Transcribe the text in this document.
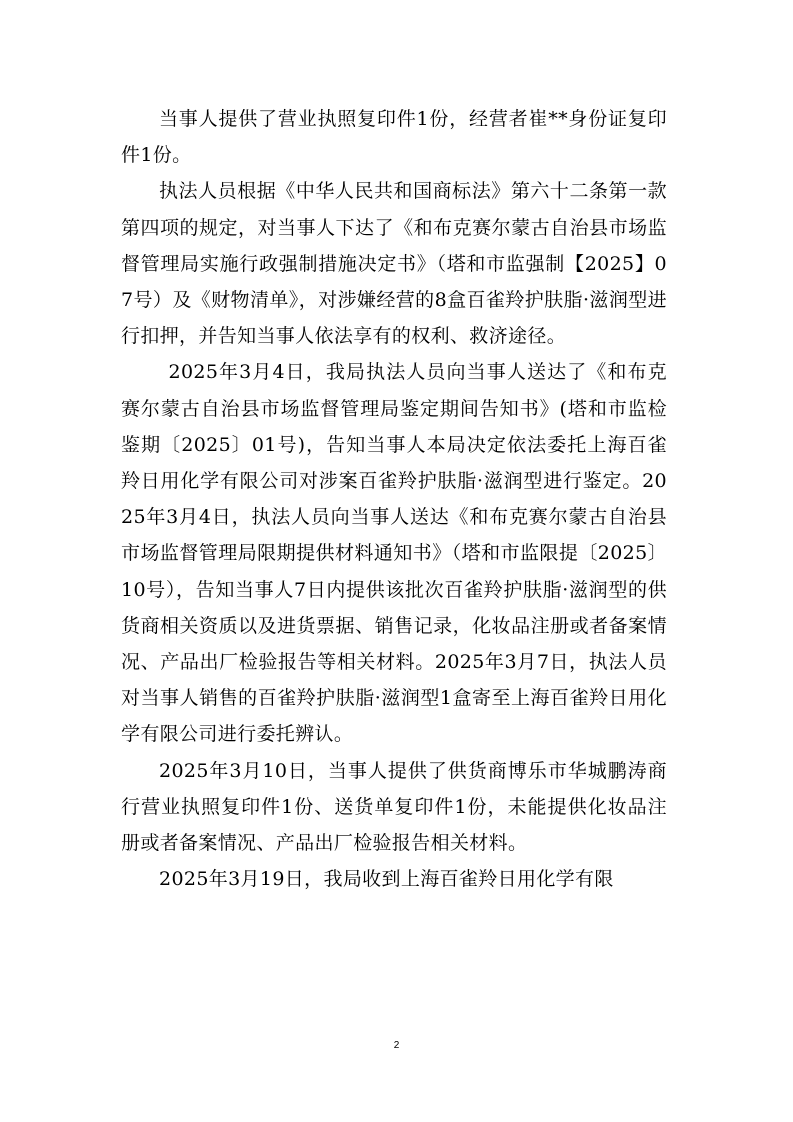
当事人提供了营业执照复印件1份，经营者崔**身份证复印件1份。

执法人员根据《中华人民共和国商标法》第六十二条第一款第四项的规定，对当事人下达了《和布克赛尔蒙古自治县市场监督管理局实施行政强制措施决定书》（塔和市监强制【2025】07号）及《财物清单》，对涉嫌经营的8盒百雀羚护肤脂·滋润型进行扣押，并告知当事人依法享有的权利、救济途径。

2025年3月4日，我局执法人员向当事人送达了《和布克赛尔蒙古自治县市场监督管理局鉴定期间告知书》(塔和市监检鉴期〔2025〕01号)，告知当事人本局决定依法委托上海百雀羚日用化学有限公司对涉案百雀羚护肤脂·滋润型进行鉴定。2025年3月4日，执法人员向当事人送达《和布克赛尔蒙古自治县市场监督管理局限期提供材料通知书》（塔和市监限提〔2025〕10号），告知当事人7日内提供该批次百雀羚护肤脂·滋润型的供货商相关资质以及进货票据、销售记录，化妆品注册或者备案情况、产品出厂检验报告等相关材料。2025年3月7日，执法人员对当事人销售的百雀羚护肤脂·滋润型1盒寄至上海百雀羚日用化学有限公司进行委托辨认。

2025年3月10日，当事人提供了供货商博乐市华城鹏涛商行营业执照复印件1份、送货单复印件1份，未能提供化妆品注册或者备案情况、产品出厂检验报告相关材料。

2025年3月19日，我局收到上海百雀羚日用化学有限

2
